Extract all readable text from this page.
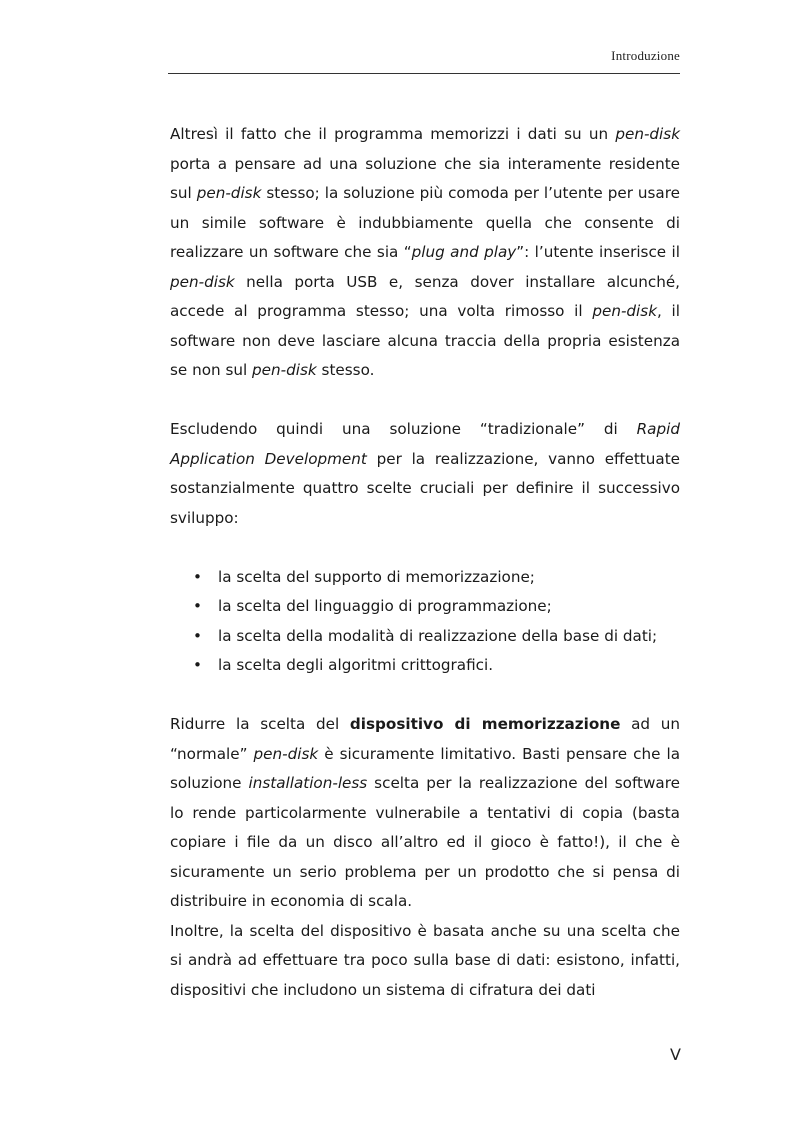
Introduzione

Altresì il fatto che il programma memorizzi i dati su un pen-disk porta a pensare ad una soluzione che sia interamente residente sul pen-disk stesso; la soluzione più comoda per l’utente per usare un simile software è indubbiamente quella che consente di realizzare un software che sia “plug and play”: l’utente inserisce il pen-disk nella porta USB e, senza dover installare alcunché, accede al programma stesso; una volta rimosso il pen-disk, il software non deve lasciare alcuna traccia della propria esistenza se non sul pen-disk stesso.

Escludendo quindi una soluzione “tradizionale” di Rapid Application Development per la realizzazione, vanno effettuate sostanzialmente quattro scelte cruciali per definire il successivo sviluppo:

• la scelta del supporto di memorizzazione;
• la scelta del linguaggio di programmazione;
• la scelta della modalità di realizzazione della base di dati;
• la scelta degli algoritmi crittografici.

Ridurre la scelta del dispositivo di memorizzazione ad un “normale” pen-disk è sicuramente limitativo. Basti pensare che la soluzione installation-less scelta per la realizzazione del software lo rende particolarmente vulnerabile a tentativi di copia (basta copiare i file da un disco all’altro ed il gioco è fatto!), il che è sicuramente un serio problema per un prodotto che si pensa di distribuire in economia di scala.

Inoltre, la scelta del dispositivo è basata anche su una scelta che si andrà ad effettuare tra poco sulla base di dati: esistono, infatti, dispositivi che includono un sistema di cifratura dei dati

V
